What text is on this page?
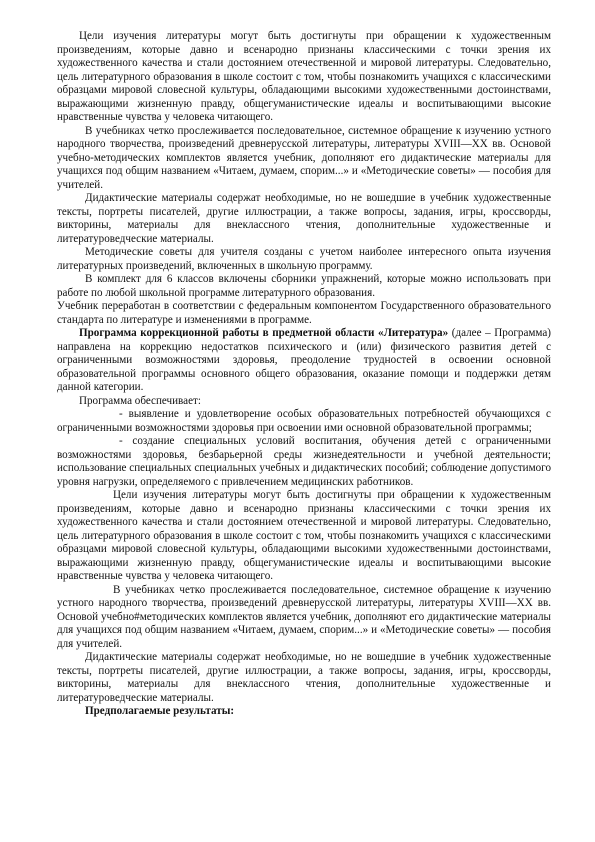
Цели изучения литературы могут быть достигнуты при обращении к художественным произведениям, которые давно и всенародно признаны классическими с точки зрения их художественного качества и стали достоянием отечественной и мировой литературы. Следовательно, цель литературного образования в школе состоит с том, чтобы познакомить учащихся с классическими образцами мировой словесной культуры, обладающими высокими художественными достоинствами, выражающими жизненную правду, общегуманистические идеалы и воспитывающими высокие нравственные чувства у человека читающего.

В учебниках четко прослеживается последовательное, системное обращение к изучению устного народного творчества, произведений древнерусской литературы, литературы XVIII—XX вв. Основой учебно-методических комплектов является учебник, дополняют его дидактические материалы для учащихся под общим названием «Читаем, думаем, спорим...» и «Методические советы» — пособия для учителей.

Дидактические материалы содержат необходимые, но не вошедшие в учебник художественные тексты, портреты писателей, другие иллюстрации, а также вопросы, задания, игры, кроссворды, викторины, материалы для внеклассного чтения, дополнительные художественные и литературоведческие материалы.

Методические советы для учителя созданы с учетом наиболее интересного опыта изучения литературных произведений, включенных в школьную программу.

В комплект для 6 классов включены сборники упражнений, которые можно использовать при работе по любой школьной программе литературного образования.

Учебник переработан в соответствии с федеральным компонентом Государственного образовательного стандарта по литературе и изменениями в программе.

Программа коррекционной работы в предметной области «Литература» (далее – Программа) направлена на коррекцию недостатков психического и (или) физического развития детей с ограниченными возможностями здоровья, преодоление трудностей в освоении основной образовательной программы основного общего образования, оказание помощи и поддержки детям данной категории.

Программа обеспечивает:

- выявление и удовлетворение особых образовательных потребностей обучающихся с ограниченными возможностями здоровья при освоении ими основной образовательной программы;

- создание специальных условий воспитания, обучения детей с ограниченными возможностями здоровья, безбарьерной среды жизнедеятельности и учебной деятельности; использование специальных специальных учебных и дидактических пособий; соблюдение допустимого уровня нагрузки, определяемого с привлечением медицинских работников.

Цели изучения литературы могут быть достигнуты при обращении к художественным произведениям, которые давно и всенародно признаны классическими с точки зрения их художественного качества и стали достоянием отечественной и мировой литературы. Следовательно, цель литературного образования в школе состоит с том, чтобы познакомить учащихся с классическими образцами мировой словесной культуры, обладающими высокими художественными достоинствами, выражающими жизненную правду, общегуманистические идеалы и воспитывающими высокие нравственные чувства у человека читающего.

В учебниках четко прослеживается последовательное, системное обращение к изучению устного народного творчества, произведений древнерусской литературы, литературы XVIII—XX вв. Основой учебно#методических комплектов является учебник, дополняют его дидактические материалы для учащихся под общим названием «Читаем, думаем, спорим...» и «Методические советы» — пособия для учителей.

Дидактические материалы содержат необходимые, но не вошедшие в учебник художественные тексты, портреты писателей, другие иллюстрации, а также вопросы, задания, игры, кроссворды, викторины, материалы для внеклассного чтения, дополнительные художественные и литературоведческие материалы.

Предполагаемые результаты:
